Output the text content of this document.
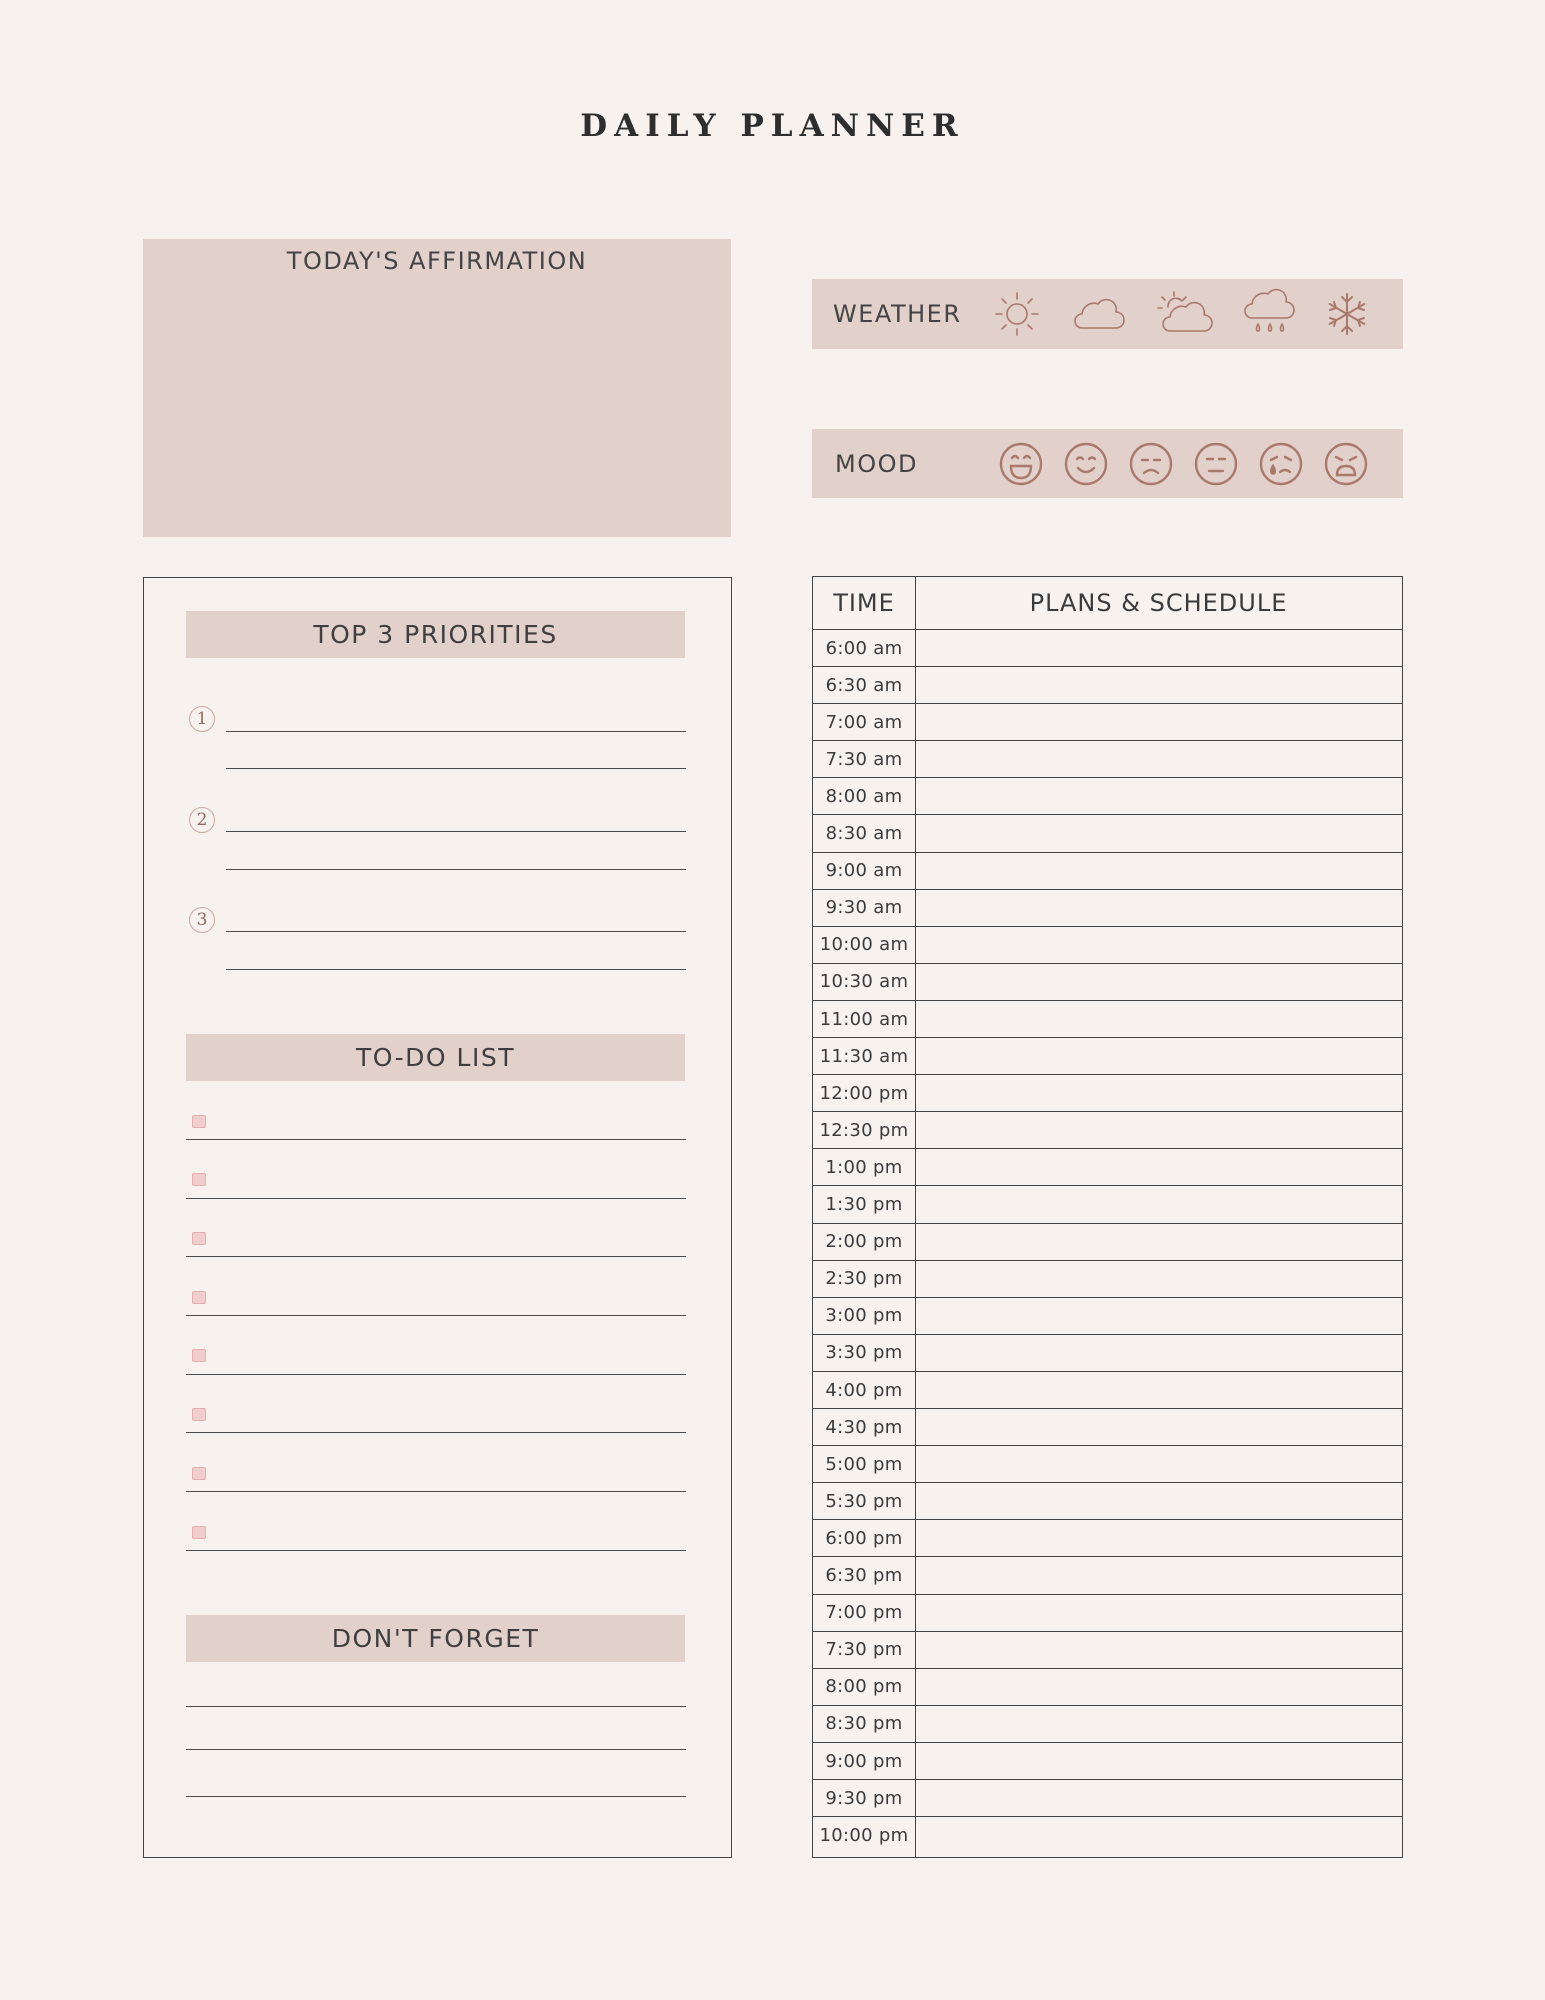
DAILY PLANNER
TODAY'S AFFIRMATION
WEATHER
MOOD
TOP 3 PRIORITIES
1
2
3
TO-DO LIST
DON'T FORGET
TIME	PLANS & SCHEDULE
6:00 am
6:30 am
7:00 am
7:30 am
8:00 am
8:30 am
9:00 am
9:30 am
10:00 am
10:30 am
11:00 am
11:30 am
12:00 pm
12:30 pm
1:00 pm
1:30 pm
2:00 pm
2:30 pm
3:00 pm
3:30 pm
4:00 pm
4:30 pm
5:00 pm
5:30 pm
6:00 pm
6:30 pm
7:00 pm
7:30 pm
8:00 pm
8:30 pm
9:00 pm
9:30 pm
10:00 pm
